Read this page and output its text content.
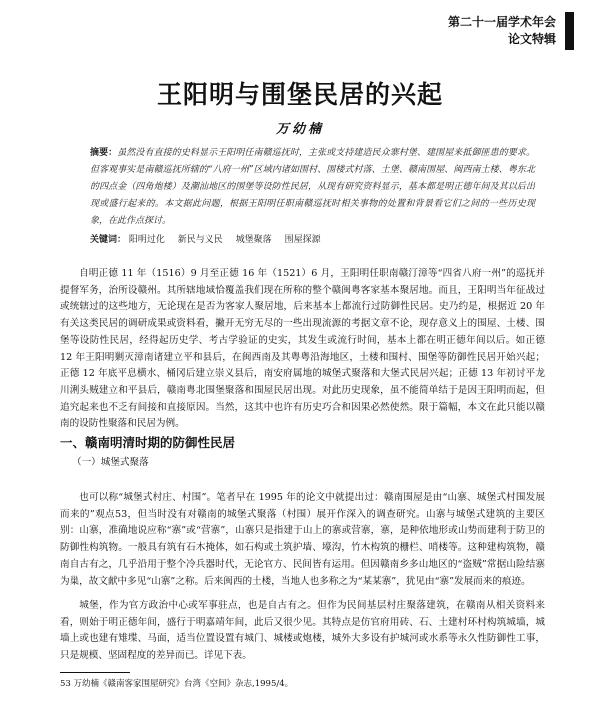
第二十一届学术年会
论文特辑
王阳明与围堡民居的兴起
万幼楠
摘要：虽然没有直接的史料显示王阳明任南赣巡抚时，主张或支持建造民众寨村堡、建围屋来抵御匪患的要求。但客观事实是南赣巡抚所辖的“八府一州”区域内诸如围村、围楼式村落、土堡、赣南围屋、闽西南土楼、粤东北的四点金（四角炮楼）及潮汕地区的围堡等设防性民居，从现有研究资料显示，基本都是明正德年间及其以后出现或盛行起来的。本文据此问题，根据王阳明任职南赣巡抚时相关事物的处置和背景看它们之间的一些历史现象，在此作点探讨。
关键词： 阳明过化 新民与义民 城堡聚落 围屋探源

自明正德 11 年（1516）9 月至正德 16 年（1521）6 月，王阳明任职南赣汀漳等“四省八府一州”的巡抚并提督军务，治所设赣州。其所辖地域恰覆盖我们现在所称的整个赣闽粤客家基本聚居地。而且，王阳明当年征战过或统辖过的这些地方，无论现在是否为客家人聚居地，后来基本上都流行过防御性民居。史乃约是，根据近 20 年有关这类民居的调研成果或资料看，撇开无穷无尽的一些出现流源的考据文章不论，现存意义上的围屋、土楼、围堡等设防性民居，经得起历史学、考古学验证的史实，其发生或流行时间，基本上都在明正德年间以后。如正德 12 年王阳明剿灭漳南诸建立平和县后，在闽西南及其粤粤沿海地区，土楼和围村、围堡等防御性民居开始兴起；正德 12 年底平息横水、桶冈后建立崇义县后，南安府属地的城堡式聚落和大堡式民居兴起；正德 13 年初讨平龙川浰头贼建立和平县后，赣南粤北围堡聚落和围屋民居出现。对此历史现象，虽不能简单结于是因王阳明而起，但追究起来也不乏有间接和直接原因。当然，这其中也许有历史巧合和因果必然使然。限于篇幅，本文在此只能以赣南的设防性聚落和民居为例。

一、赣南明清时期的防御性民居
（一）城堡式聚落

也可以称“城堡式村庄、村围”。笔者早在 1995 年的论文中就提出过：赣南围屋是由“山寨、城堡式村围发展而来的”观点53，但当时没有对赣南的城堡式聚落（村围）展开作深入的调查研究。山寨与城堡式建筑的主要区别：山寨，准确地说应称“寨”或“营寨”，山寨只是指建于山上的寨或营寨，寨，是种依地形或山势而建利于防卫的防御性构筑物。一般具有筑有石木掩体，如石构或土筑护墙、壕沟，竹木构筑的栅栏、哨楼等。这种建构筑物，赣南自古有之，几乎沿用于整个冷兵器时代，无论官方、民间皆有运用。但因赣南乡多山地区的“盗贼”常据山险结寨为巢，故文献中多见“山寨”之称。后来闽西的土楼，当地人也多称之为“某某寨”，犹见由“寨”发展而来的痕迹。

城堡，作为官方政治中心或军事驻点，也是自古有之。但作为民间基层村庄聚落建筑，在赣南从相关资料来看，则始于明正德年间，盛行于明嘉靖年间，此后又很少见。其特点是仿官府用砖、石、土建村环村构筑城墙，城墙上或也建有雉堞、马面，适当位置设置有城门、城楼或炮楼，城外大多设有护城河或水系等永久性防御性工事，只是规模、坚固程度的差异而已。详见下表。

53 万幼楠《赣南客家围屋研究》台湾《空间》杂志,1995/4。
